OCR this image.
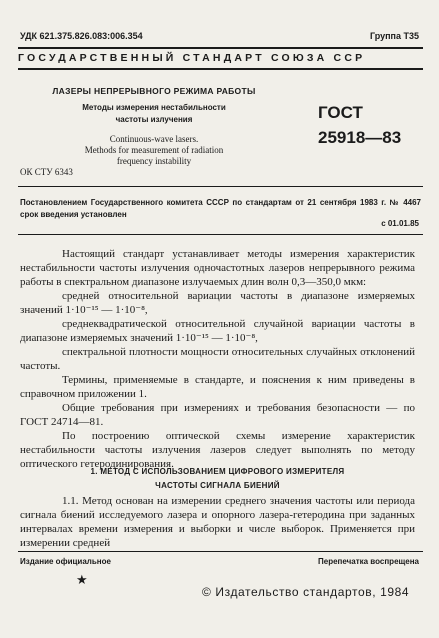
УДК 621.375.826.083:006.354	Группа Т35
ГОСУДАРСТВЕННЫЙ СТАНДАРТ СОЮЗА ССР
ЛАЗЕРЫ НЕПРЕРЫВНОГО РЕЖИМА РАБОТЫ
Методы измерения нестабильности
частоты излучения
Continuous-wave lasers.
Methods for measurement of radiation
frequency instability
ГОСТ
25918—83
ОК СТУ 6343
Постановлением Государственного комитета СССР по стандартам от 21 сентября 1983 г. № 4467 срок введения установлен
с 01.01.85

Настоящий стандарт устанавливает методы измерения характеристик нестабильности частоты излучения одночастотных лазеров непрерывного режима работы в спектральном диапазоне излучаемых длин волн 0,3—350,0 мкм:

средней относительной вариации частоты в диапазоне измеряемых значений 1·10⁻¹⁵ — 1·10⁻⁸,

среднеквадратической относительной случайной вариации частоты в диапазоне измеряемых значений 1·10⁻¹⁵ — 1·10⁻⁸,

спектральной плотности мощности относительных случайных отклонений частоты.

Термины, применяемые в стандарте, и пояснения к ним приведены в справочном приложении 1.

Общие требования при измерениях и требования безопасности — по ГОСТ 24714—81.

По построению оптической схемы измерение характеристик нестабильности частоты излучения лазеров следует выполнять по методу оптического гетеродинирования.

1. МЕТОД С ИСПОЛЬЗОВАНИЕМ ЦИФРОВОГО ИЗМЕРИТЕЛЯ
ЧАСТОТЫ СИГНАЛА БИЕНИЙ

1.1. Метод основан на измерении среднего значения частоты или периода сигнала биений исследуемого лазера и опорного лазера-гетеродина при заданных интервалах времени измерения и выборки и числе выборок. Применяется при измерении средней

Издание официальное	Перепечатка воспрещена
★
© Издательство стандартов, 1984
